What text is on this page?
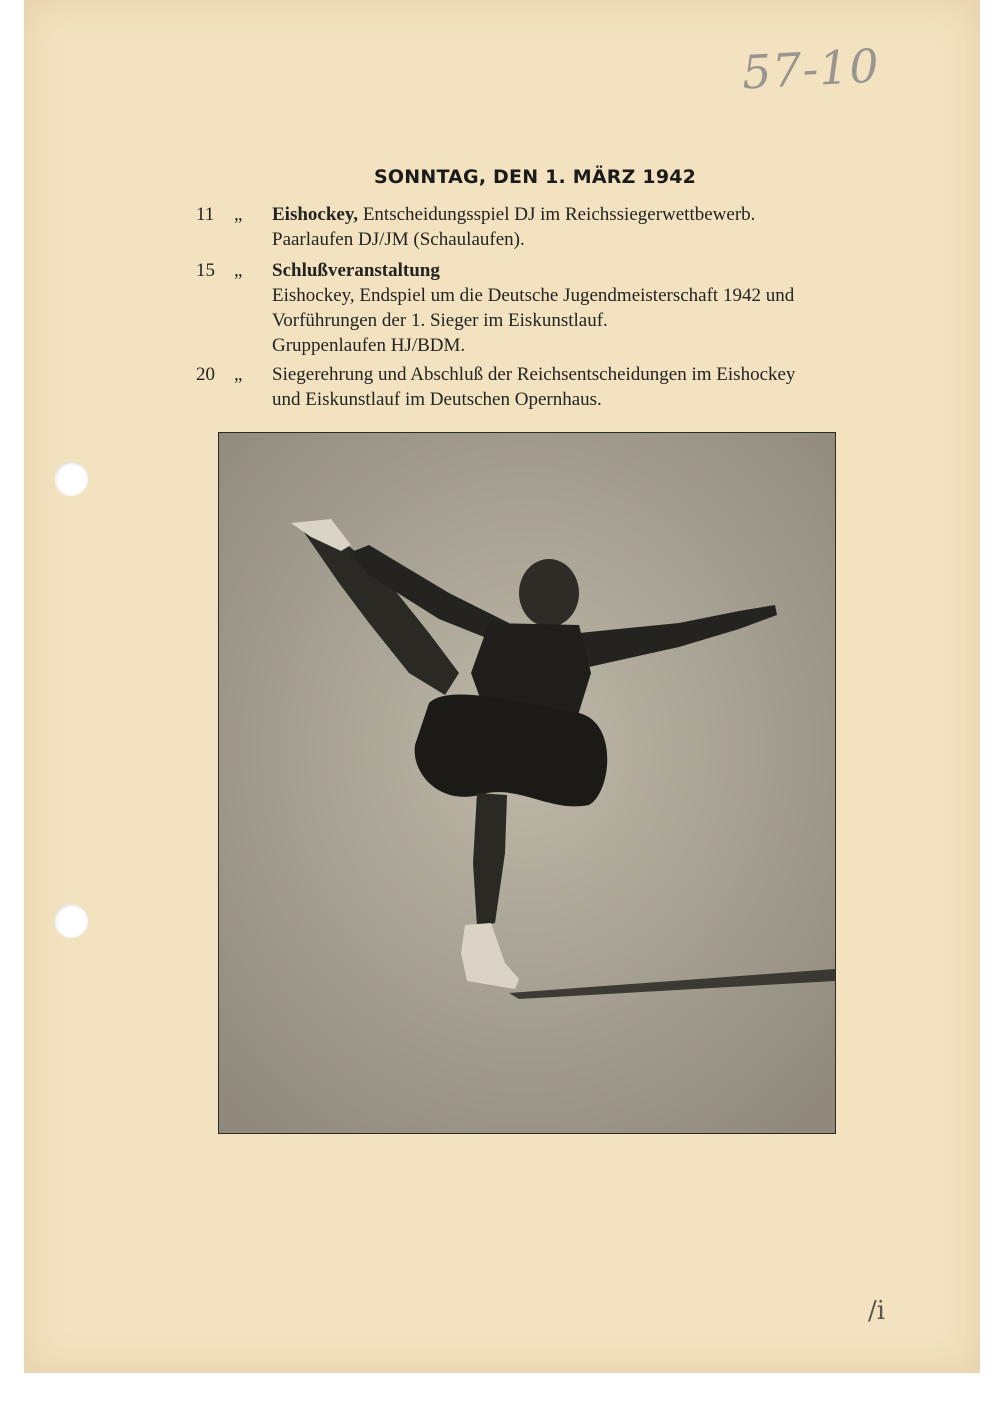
57-10
SONNTAG, DEN 1. MÄRZ 1942
11	„	Eishockey, Entscheidungsspiel DJ im Reichssiegerwettbewerb.
Paarlaufen DJ/JM (Schaulaufen).
15	„	Schlußveranstaltung
Eishockey, Endspiel um die Deutsche Jugendmeisterschaft 1942 und
Vorführungen der 1. Sieger im Eiskunstlauf.
Gruppenlaufen HJ/BDM.
20	„	Siegerehrung und Abschluß der Reichsentscheidungen im Eishockey
und Eiskunstlauf im Deutschen Opernhaus.
/i
